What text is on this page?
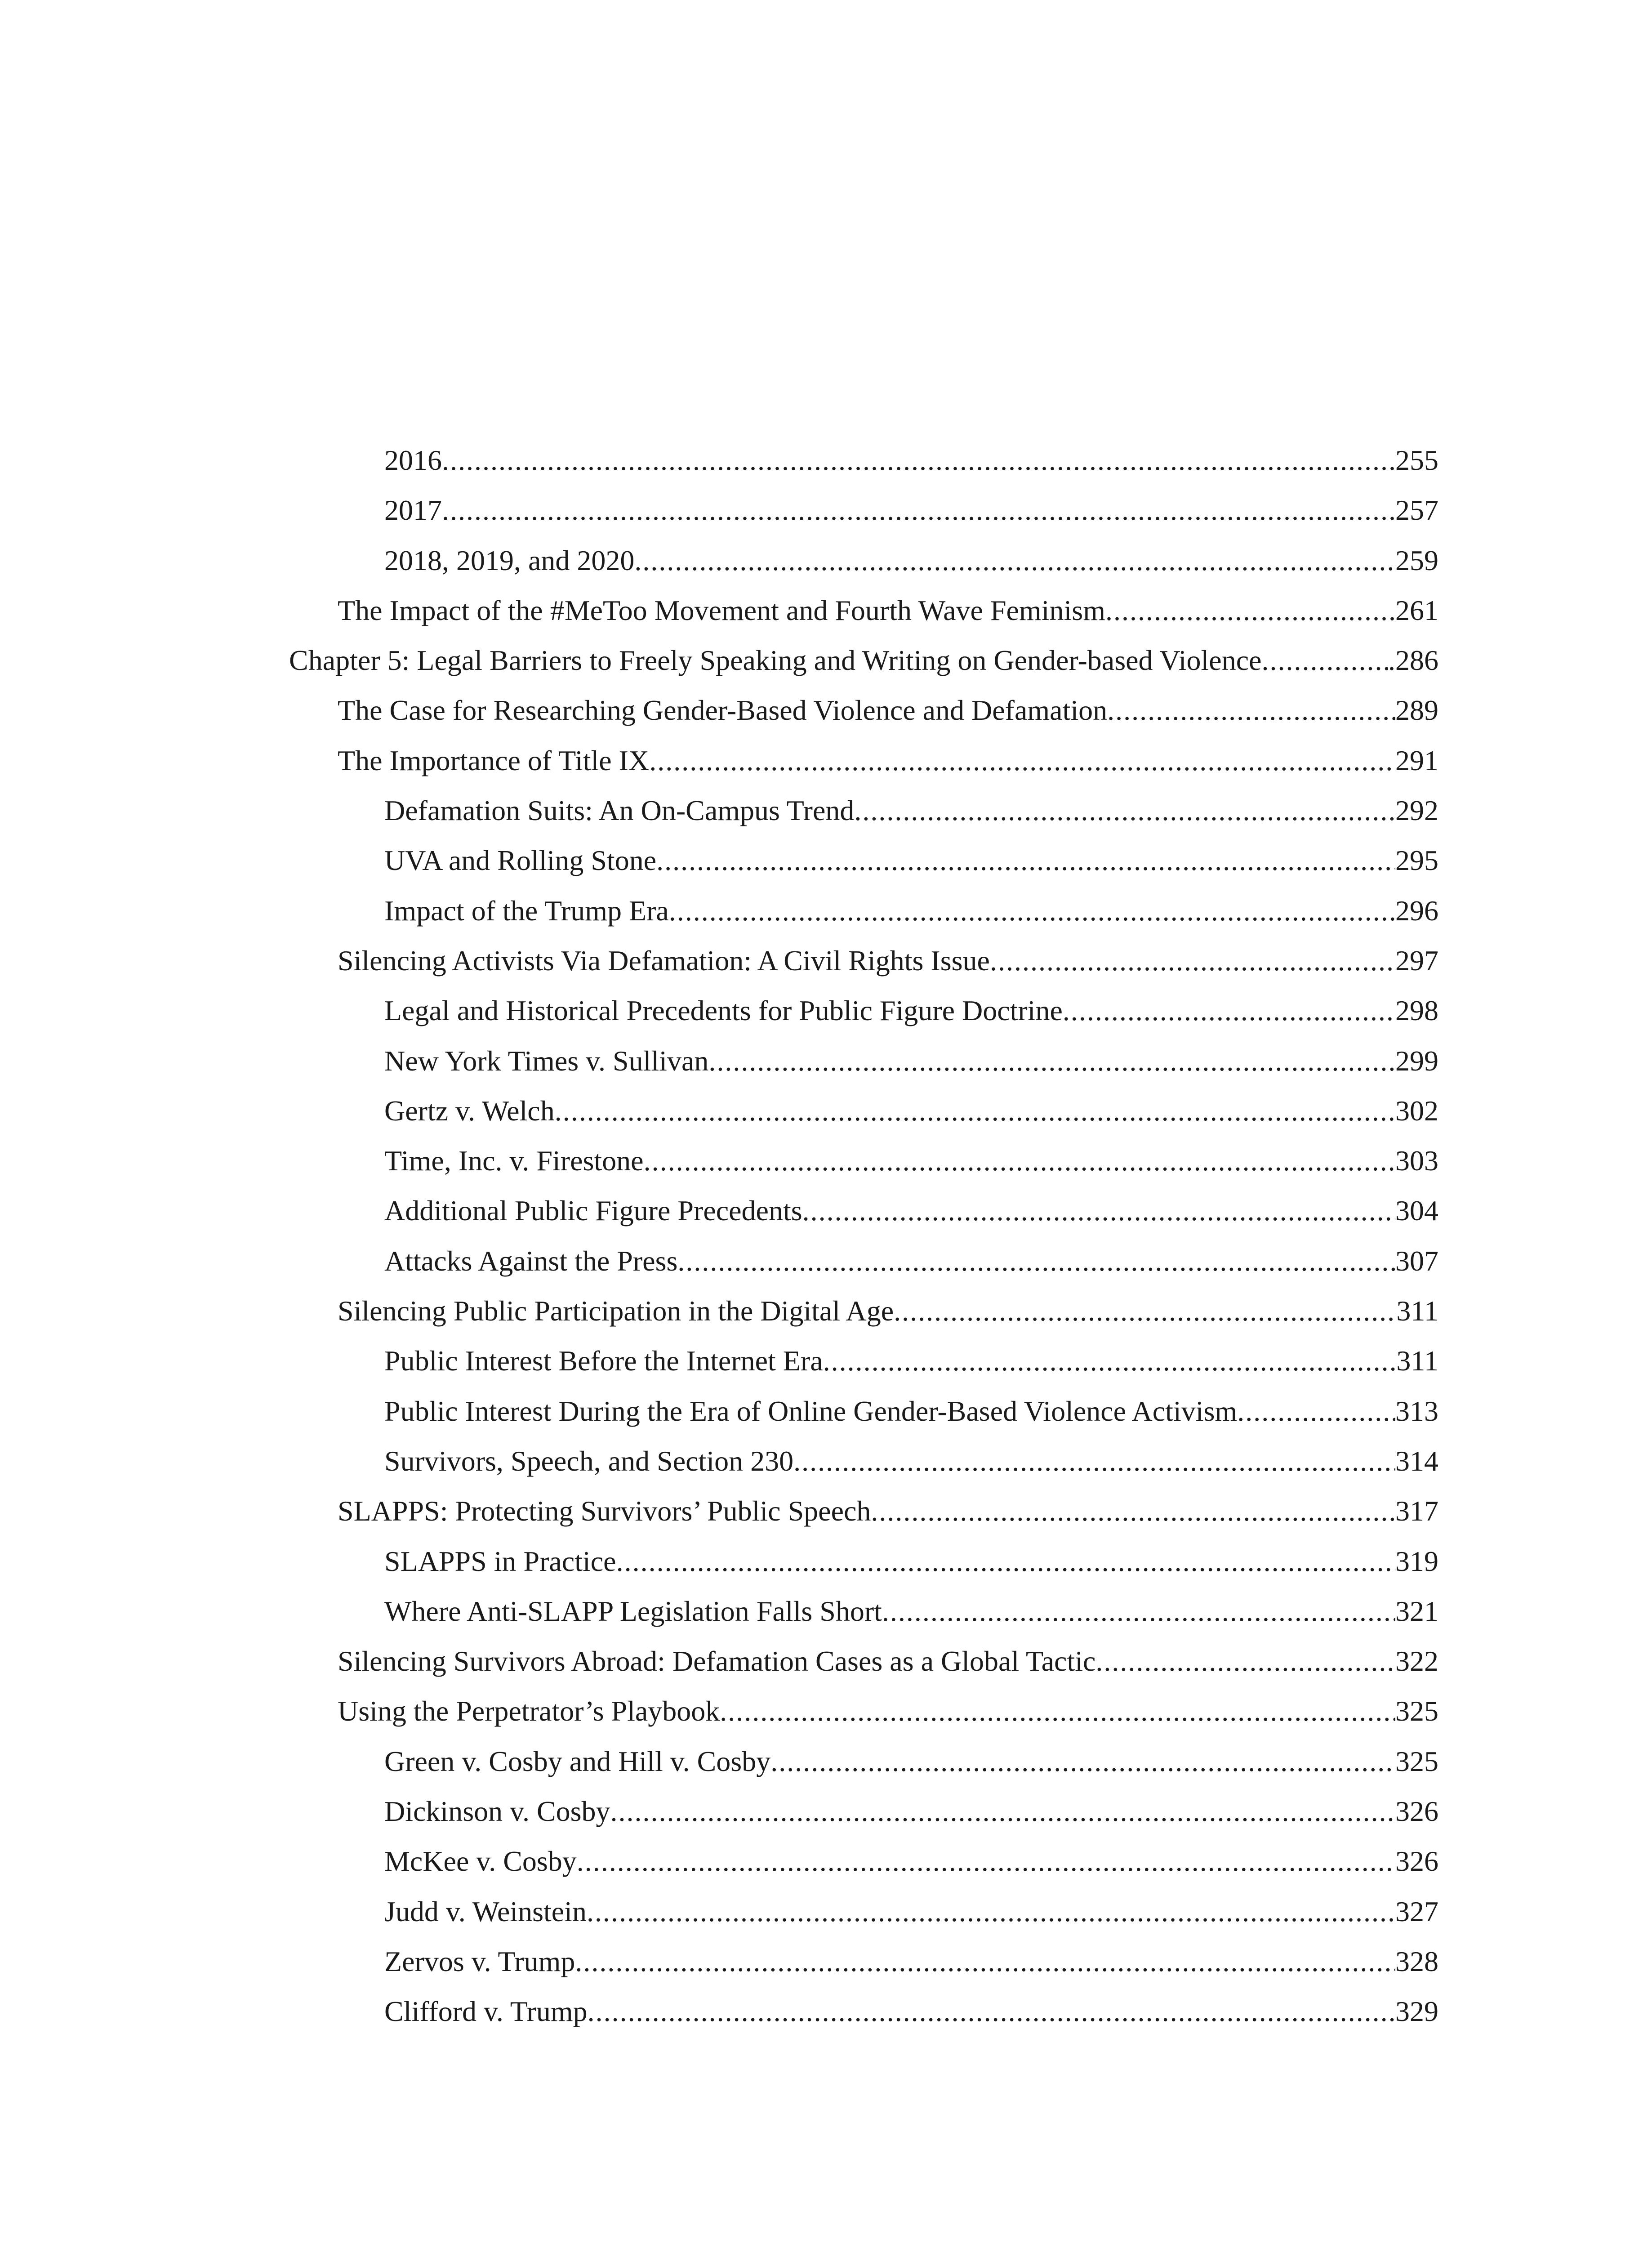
2016 .....	255
2017 .....	257
2018, 2019, and 2020 .....	259
The Impact of the #MeToo Movement and Fourth Wave Feminism .....	261
Chapter 5: Legal Barriers to Freely Speaking and Writing on Gender-based Violence .....	.286
The Case for Researching Gender-Based Violence and Defamation .....	289
The Importance of Title IX .....	291
Defamation Suits: An On-Campus Trend .....	292
UVA and Rolling Stone .....	295
Impact of the Trump Era .....	296
Silencing Activists Via Defamation: A Civil Rights Issue .....	297
Legal and Historical Precedents for Public Figure Doctrine .....	298
New York Times v. Sullivan .....	299
Gertz v. Welch .....	302
Time, Inc. v. Firestone .....	303
Additional Public Figure Precedents .....	304
Attacks Against the Press .....	307
Silencing Public Participation in the Digital Age .....	311
Public Interest Before the Internet Era .....	311
Public Interest During the Era of Online Gender-Based Violence Activism .....	313
Survivors, Speech, and Section 230 .....	314
SLAPPS: Protecting Survivors’ Public Speech .....	317
SLAPPS in Practice .....	319
Where Anti-SLAPP Legislation Falls Short .....	321
Silencing Survivors Abroad: Defamation Cases as a Global Tactic .....	322
Using the Perpetrator’s Playbook .....	325
Green v. Cosby and Hill v. Cosby .....	325
Dickinson v. Cosby .....	326
McKee v. Cosby .....	326
Judd v. Weinstein .....	327
Zervos v. Trump .....	328
Clifford v. Trump .....	329
